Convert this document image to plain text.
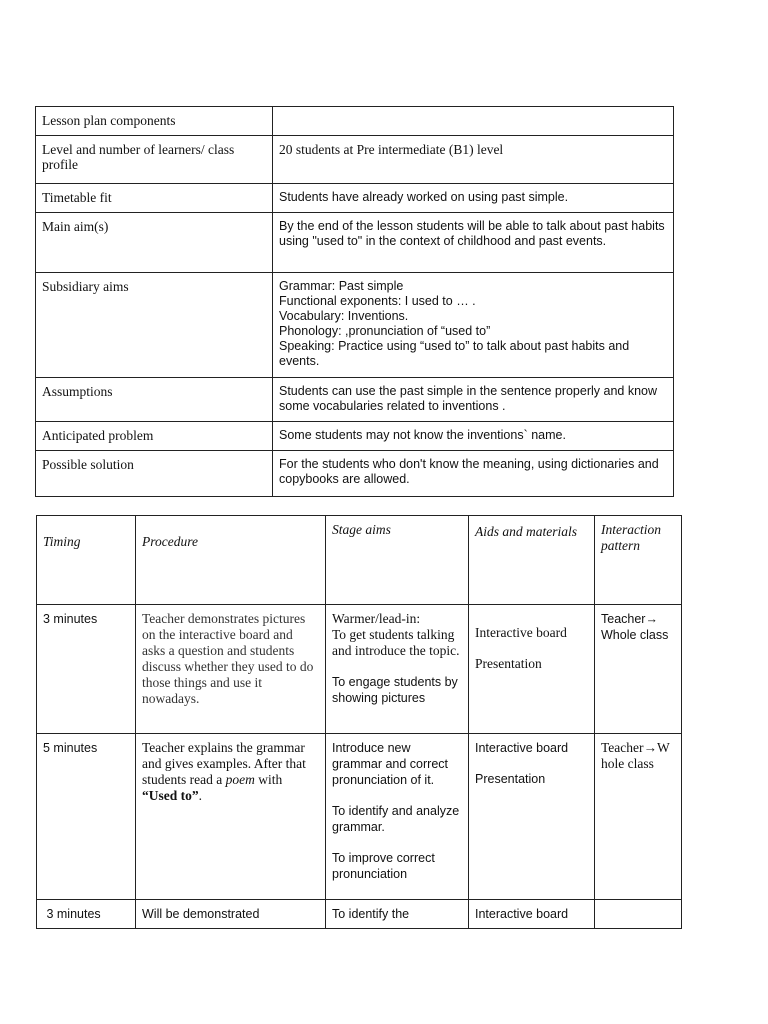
Lesson plan components	
Level and number of learners/ class profile	20 students at Pre intermediate (B1) level
Timetable fit	Students have already worked on using past simple.
Main aim(s)	By the end of the lesson students will be able to talk about past habits using "used to" in the context of childhood and past events.
Subsidiary aims	Grammar: Past simple
Functional exponents: I used to … .
Vocabulary: Inventions.
Phonology: ,pronunciation of “used to”
Speaking: Practice using “used to” to talk about past habits and events.

Assumptions	Students can use the past simple in the sentence properly and know some vocabularies related to inventions .
Anticipated problem	Some students may not know the inventions` name.
Possible solution	For the students who don't know the meaning, using dictionaries and copybooks are allowed.
Timing	Procedure	Stage aims	Aids and materials	Interaction pattern
3 minutes	Teacher demonstrates pictures on the interactive board and asks a question and students discuss whether they used to do those things and use it nowadays.	Warmer/lead-in:
To get students talking and introduce the topic.
To engage students by showing pictures	Interactive board
Presentation	Teacher→ Whole class
5 minutes	Teacher explains the grammar and gives examples. After that students read a poem with “Used to”.	Introduce new grammar and correct pronunciation of it.
To identify and analyze grammar.
To improve correct pronunciation	Interactive board
Presentation	Teacher→Whole class
3 minutes	Will be demonstrated	To identify the	Interactive board	
